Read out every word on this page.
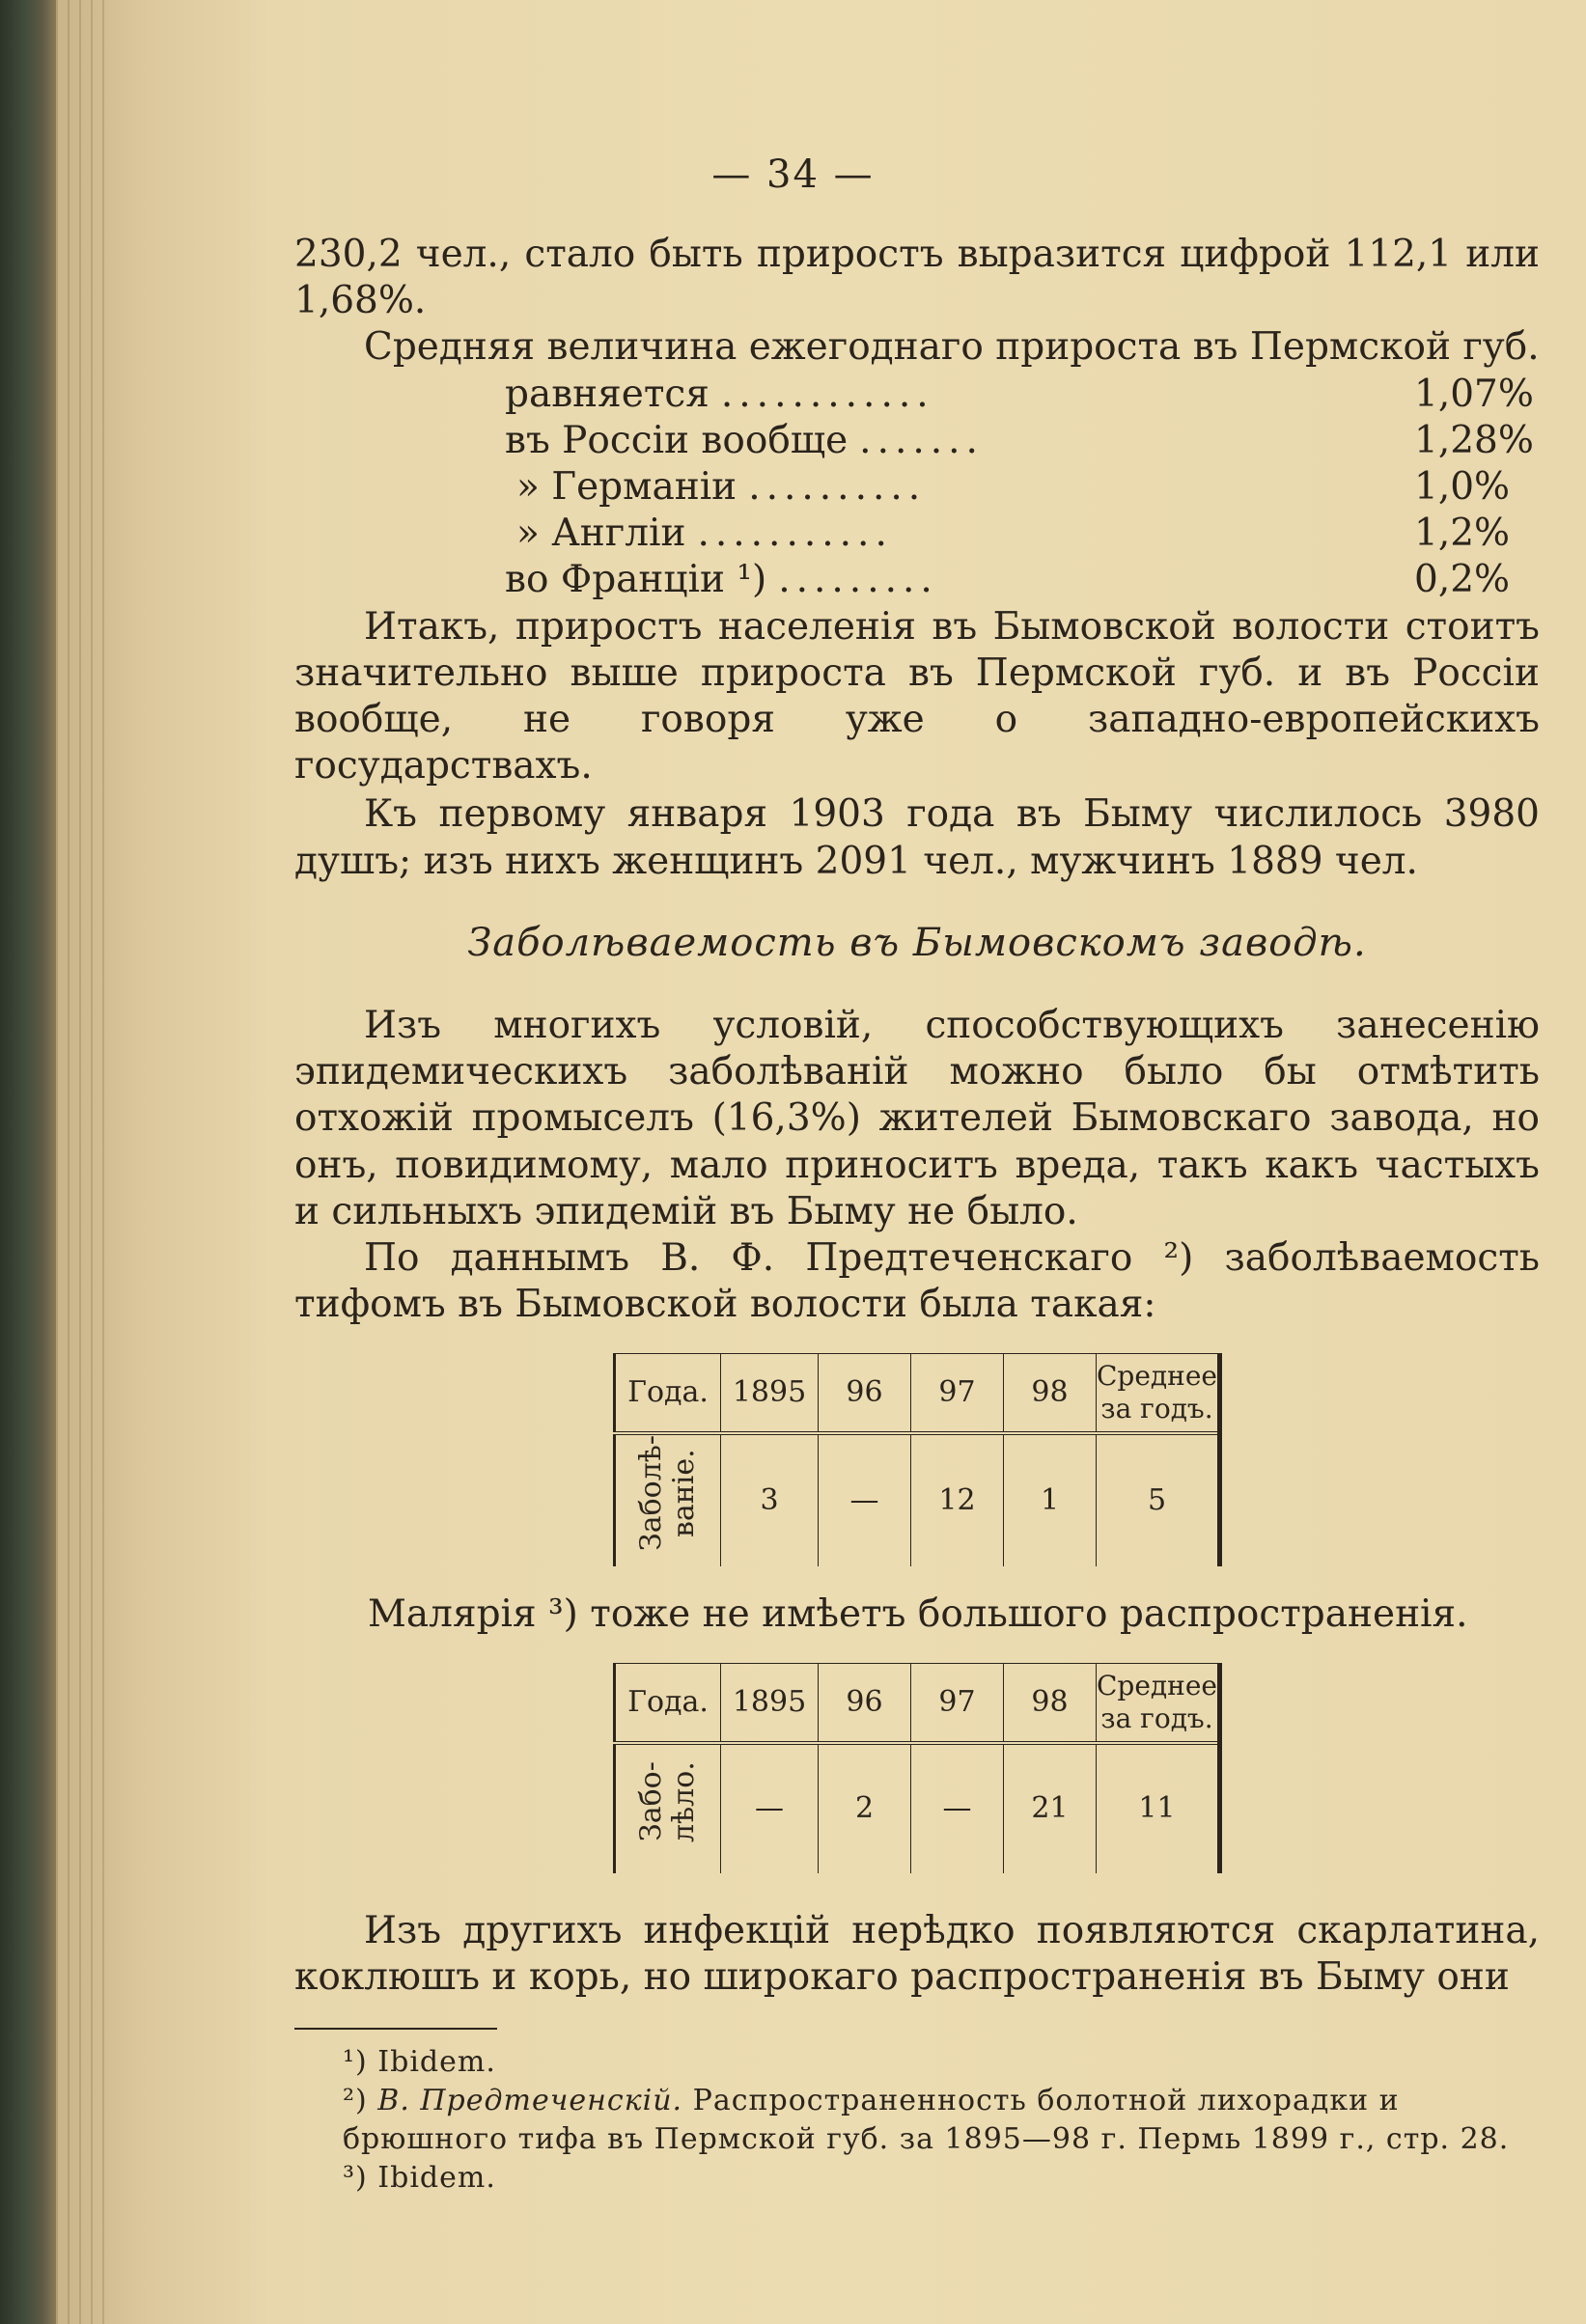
— 34 —

230,2 чел., стало быть приростъ выразится цифрой 112,1 или 1,68%.

Средняя величина ежегоднаго прироста въ Пермской губ.

равняется ............	1,07%
въ Россіи вообще .......	1,28%
» Германіи ..........	1,0%
» Англіи ...........	1,2%
во Франціи ¹) .........	0,2%

Итакъ, приростъ населенія въ Бымовской волости стоитъ значительно выше прироста въ Пермской губ. и въ Россіи вообще, не говоря уже о западно-европейскихъ государствахъ.

Къ первому января 1903 года въ Быму числилось 3980 душъ; изъ нихъ женщинъ 2091 чел., мужчинъ 1889 чел.

Заболѣваемость въ Бымовскомъ заводѣ.

Изъ многихъ условій, способствующихъ занесенію эпидемическихъ заболѣваній можно было бы отмѣтить отхожій промыселъ (16,3%) жителей Бымовскаго завода, но онъ, повидимому, мало приноситъ вреда, такъ какъ частыхъ и сильныхъ эпидемій въ Быму не было.

По даннымъ В. Ф. Предтеченскаго ²) заболѣваемость тифомъ въ Бымовской волости была такая:

Года.	1895	96	97	98	Среднее за годъ.
Заболѣ- ваніе.	3	—	12	1	5

Малярія ³) тоже не имѣетъ большого распространенія.

Года.	1895	96	97	98	Среднее за годъ.
Забо- лѣло.	—	2	—	21	11

Изъ другихъ инфекцій нерѣдко появляются скарлатина, коклюшъ и корь, но широкаго распространенія въ Быму они

¹) Ibidem.
²) В. Предтеченскій. Распространенность болотной лихорадки и брюшного тифа въ Пермской губ. за 1895—98 г. Пермь 1899 г., стр. 28.
³) Ibidem.
